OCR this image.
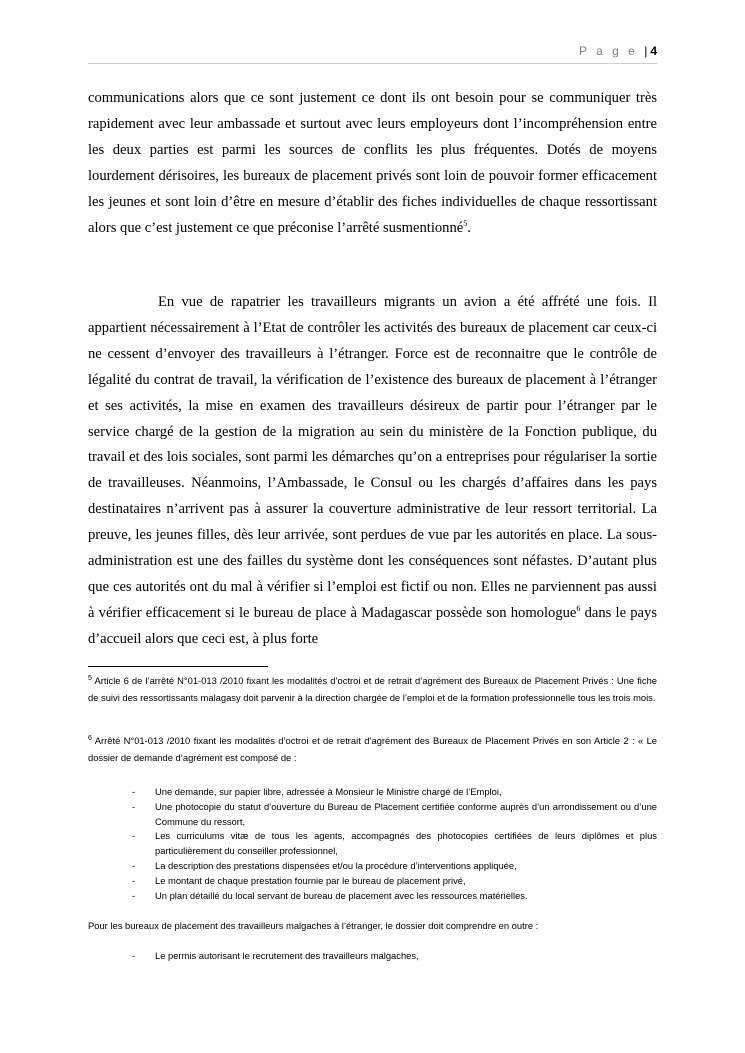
P a g e | 4

communications alors que ce sont justement ce dont ils ont besoin pour se communiquer très rapidement avec leur ambassade et surtout avec leurs employeurs dont l’incompréhension entre les deux parties est parmi les sources de conflits les plus fréquentes. Dotés de moyens lourdement dérisoires, les bureaux de placement privés sont loin de pouvoir former efficacement les jeunes et sont loin d’être en mesure d’établir des fiches individuelles de chaque ressortissant alors que c’est justement ce que préconise l’arrêté susmentionné$^5$.

En vue de rapatrier les travailleurs migrants un avion a été affrété une fois. Il appartient nécessairement à l’Etat de contrôler les activités des bureaux de placement car ceux-ci ne cessent d’envoyer des travailleurs à l’étranger. Force est de reconnaitre que le contrôle de légalité du contrat de travail, la vérification de l’existence des bureaux de placement à l’étranger et ses activités, la mise en examen des travailleurs désireux de partir pour l’étranger par le service chargé de la gestion de la migration au sein du ministère de la Fonction publique, du travail et des lois sociales, sont parmi les démarches qu’on a entreprises pour régulariser la sortie de travailleuses. Néanmoins, l’Ambassade, le Consul ou les chargés d’affaires dans les pays destinataires n’arrivent pas à assurer la couverture administrative de leur ressort territorial. La preuve, les jeunes filles, dès leur arrivée, sont perdues de vue par les autorités en place. La sous-administration est une des failles du système dont les conséquences sont néfastes. D’autant plus que ces autorités ont du mal à vérifier si l’emploi est fictif ou non. Elles ne parviennent pas aussi à vérifier efficacement si le bureau de place à Madagascar possède son homologue$^6$ dans le pays d’accueil alors que ceci est, à plus forte

$^5$ Article 6 de l’arrêté N°01-013 /2010 fixant les modalités d’octroi et de retrait d’agrément des Bureaux de Placement Privés : Une fiche de suivi des ressortissants malagasy doit parvenir à la direction chargée de l’emploi et de la formation professionnelle tous les trois mois.

$^6$ Arrêté N°01-013 /2010 fixant les modalités d’octroi et de retrait d’agrément des Bureaux de Placement Privés en son Article 2 : « Le dossier de demande d’agrément est composé de :

- Une demande, sur papier libre, adressée à Monsieur le Ministre chargé de l’Emploi,
- Une photocopie du statut d’ouverture du Bureau de Placement certifiée conforme auprès d’un arrondissement ou d’une Commune du ressort,
- Les curriculums vitæ de tous les agents, accompagnés des photocopies certifiées de leurs diplômes et plus particulièrement du conseiller professionnel,
- La description des prestations dispensées et/ou la procédure d’interventions appliquée,
- Le montant de chaque prestation fournie par le bureau de placement privé,
- Un plan détaillé du local servant de bureau de placement avec les ressources matérielles.
Pour les bureaux de placement des travailleurs malgaches à l’étranger, le dossier doit comprendre en outre :
- Le permis autorisant le recrutement des travailleurs malgaches,
